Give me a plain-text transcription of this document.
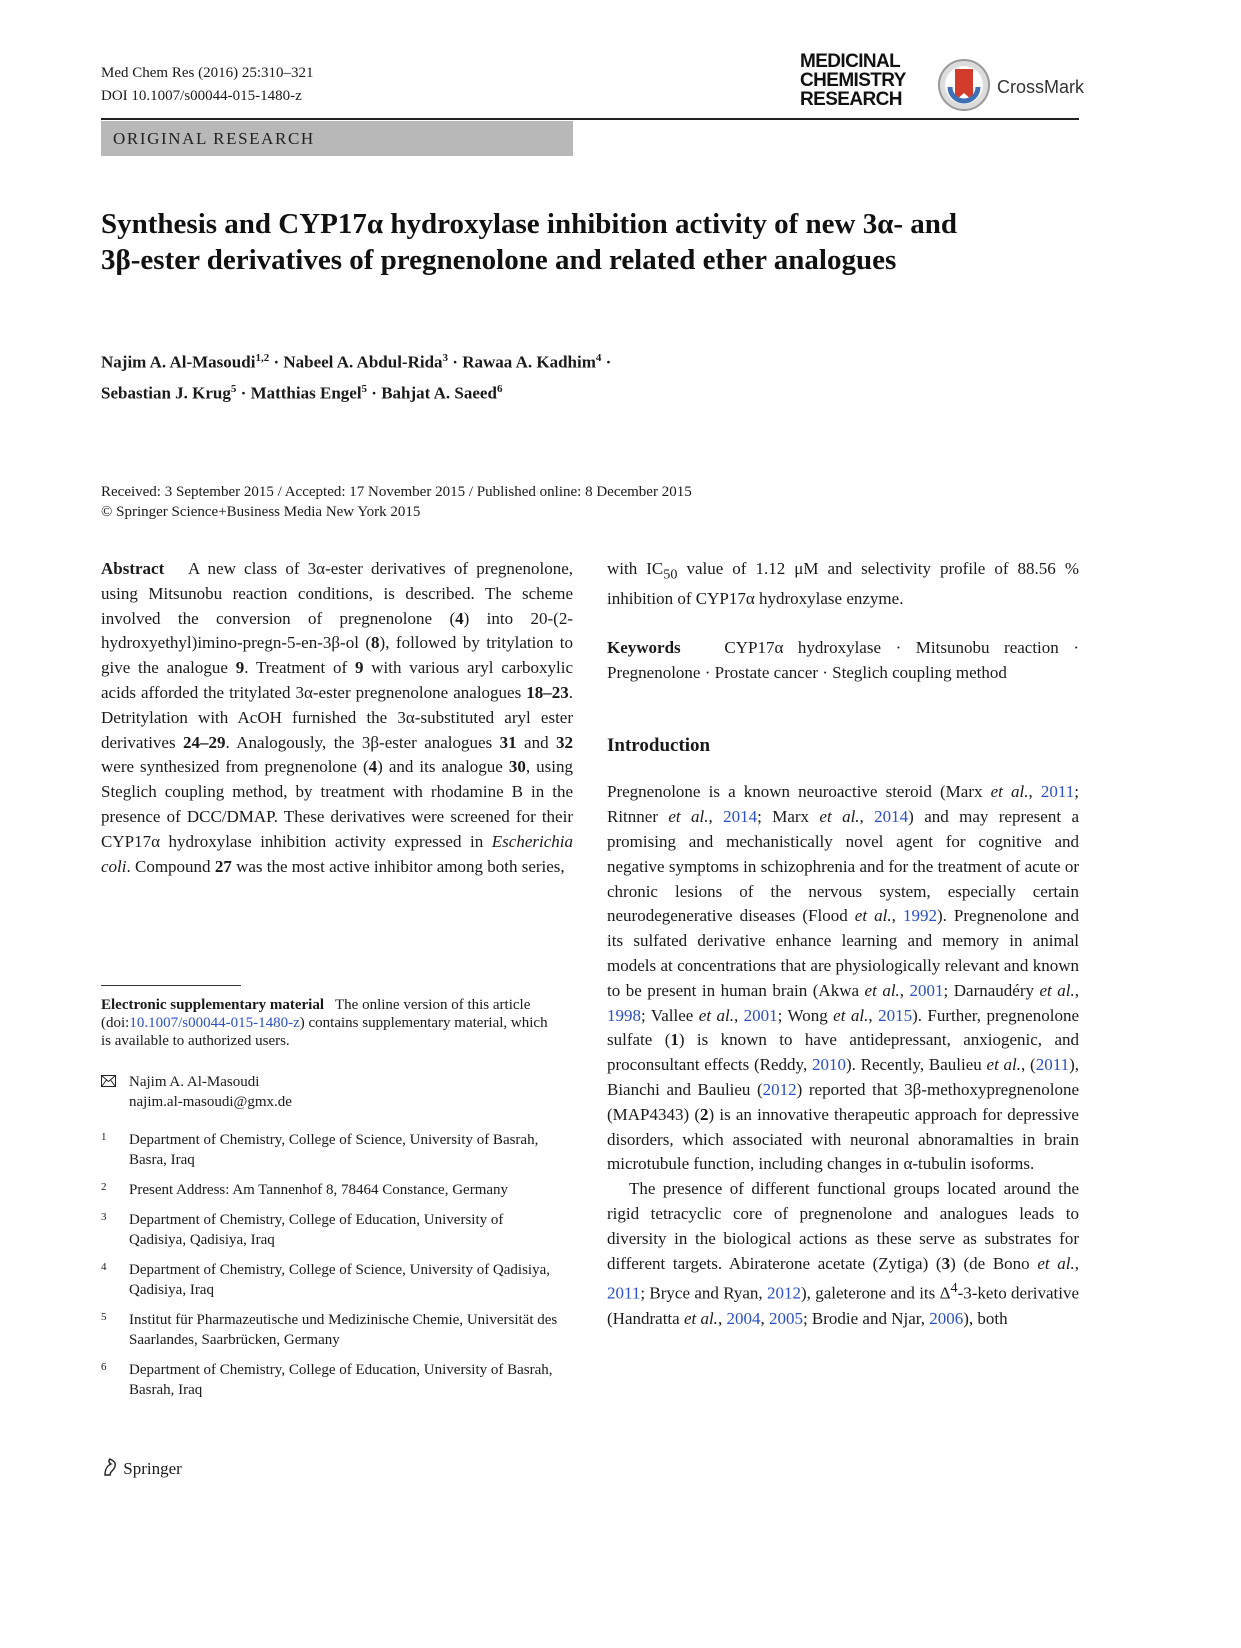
Med Chem Res (2016) 25:310–321
DOI 10.1007/s00044-015-1480-z
MEDICINAL
CHEMISTRY
RESEARCH
CrossMark
ORIGINAL RESEARCH
Synthesis and CYP17α hydroxylase inhibition activity of new 3α- and 3β-ester derivatives of pregnenolone and related ether analogues
Najim A. Al-Masoudi$^{1,2}$ · Nabeel A. Abdul-Rida$^3$ · Rawaa A. Kadhim$^4$ ·
Sebastian J. Krug$^5$ · Matthias Engel$^5$ · Bahjat A. Saeed$^6$
Received: 3 September 2015 / Accepted: 17 November 2015 / Published online: 8 December 2015
© Springer Science+Business Media New York 2015

Abstract A new class of 3α-ester derivatives of pregnenolone, using Mitsunobu reaction conditions, is described. The scheme involved the conversion of pregnenolone (4) into 20-(2-hydroxyethyl)imino-pregn-5-en-3β-ol (8), followed by tritylation to give the analogue 9. Treatment of 9 with various aryl carboxylic acids afforded the tritylated 3α-ester pregnenolone analogues 18–23. Detritylation with AcOH furnished the 3α-substituted aryl ester derivatives 24–29. Analogously, the 3β-ester analogues 31 and 32 were synthesized from pregnenolone (4) and its analogue 30, using Steglich coupling method, by treatment with rhodamine B in the presence of DCC/DMAP. These derivatives were screened for their CYP17α hydroxylase inhibition activity expressed in Escherichia coli. Compound 27 was the most active inhibitor among both series,

Electronic supplementary material The online version of this article (doi:10.1007/s00044-015-1480-z) contains supplementary material, which is available to authorized users.
Najim A. Al-Masoudi
najim.al-masoudi@gmx.de
1 Department of Chemistry, College of Science, University of Basrah, Basra, Iraq
2 Present Address: Am Tannenhof 8, 78464 Constance, Germany
3 Department of Chemistry, College of Education, University of Qadisiya, Qadisiya, Iraq
4 Department of Chemistry, College of Science, University of Qadisiya, Qadisiya, Iraq
5 Institut für Pharmazeutische und Medizinische Chemie, Universität des Saarlandes, Saarbrücken, Germany
6 Department of Chemistry, College of Education, University of Basrah, Basrah, Iraq

with $IC_{50}$ value of 1.12 μM and selectivity profile of 88.56 % inhibition of CYP17α hydroxylase enzyme.

Keywords	CYP17α hydroxylase · Mitsunobu reaction · Pregnenolone · Prostate cancer · Steglich coupling method

Introduction

Pregnenolone is a known neuroactive steroid (Marx et al., 2011; Ritnner et al., 2014; Marx et al., 2014) and may represent a promising and mechanistically novel agent for cognitive and negative symptoms in schizophrenia and for the treatment of acute or chronic lesions of the nervous system, especially certain neurodegenerative diseases (Flood et al., 1992). Pregnenolone and its sulfated derivative enhance learning and memory in animal models at concentrations that are physiologically relevant and known to be present in human brain (Akwa et al., 2001; Darnaudéry et al., 1998; Vallee et al., 2001; Wong et al., 2015). Further, pregnenolone sulfate (1) is known to have antidepressant, anxiogenic, and proconsultant effects (Reddy, 2010). Recently, Baulieu et al., (2011), Bianchi and Baulieu (2012) reported that 3β-methoxypregnenolone (MAP4343) (2) is an innovative therapeutic approach for depressive disorders, which associated with neuronal abnoramalties in brain microtubule function, including changes in α-tubulin isoforms.

The presence of different functional groups located around the rigid tetracyclic core of pregnenolone and analogues leads to diversity in the biological actions as these serve as substrates for different targets. Abiraterone acetate (Zytiga) (3) (de Bono et al., 2011; Bryce and Ryan, 2012), galeterone and its $\Delta^4-3$-keto derivative (Handratta et al., 2004, 2005; Brodie and Njar, 2006), both

Springer
